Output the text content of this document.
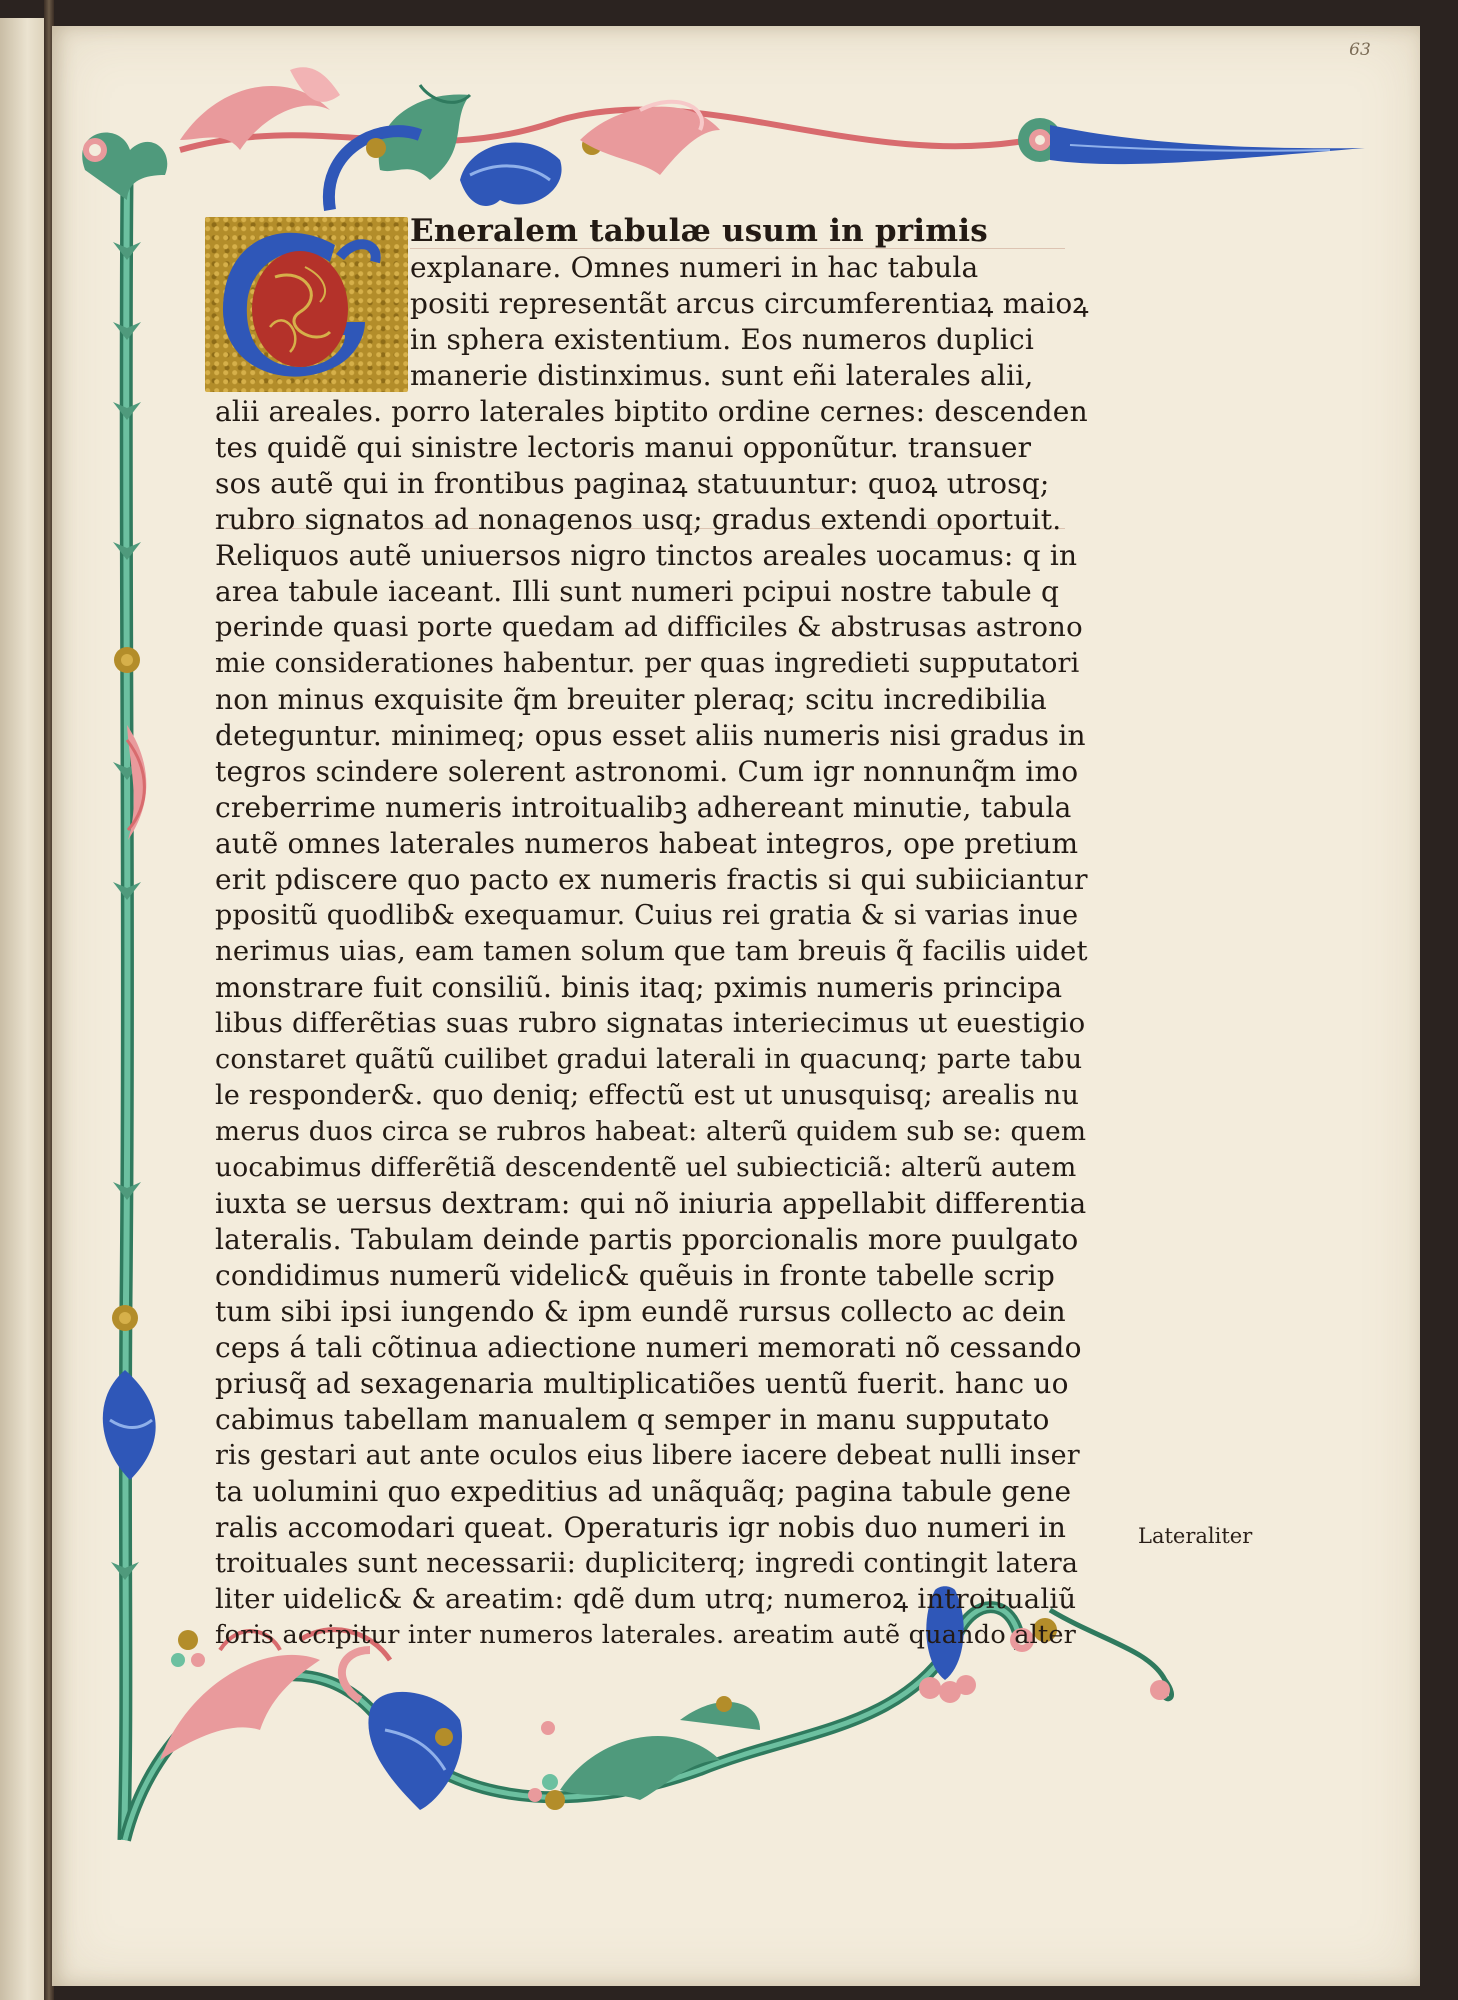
63
Eneralem tabulæ usum in primis
explanare. Omnes numeri in hac tabula
positi representãt arcus circumferentiaꝝ maioꝝ
in sphera existentium. Eos numeros duplici
manerie distinximus. sunt eñi laterales alii,
alii areales. porro laterales biptito ordine cernes: descenden
tes quidẽ qui sinistre lectoris manui opponũtur. transuer
sos autẽ qui in frontibus paginaꝝ statuuntur: quoꝝ utrosq;
rubro signatos ad nonagenos usq; gradus extendi oportuit.
Reliquos autẽ uniuersos nigro tinctos areales uocamus: q in
area tabule iaceant. Illi sunt numeri pcipui nostre tabule q
perinde quasi porte quedam ad difficiles & abstrusas astrono
mie considerationes habentur. per quas ingredieti supputatori
non minus exquisite q̃m breuiter pleraq; scitu incredibilia
deteguntur. minimeq; opus esset aliis numeris nisi gradus in
tegros scindere solerent astronomi. Cum igr nonnunq̃m imo
creberrime numeris introitualibꝫ adhereant minutie, tabula
autẽ omnes laterales numeros habeat integros, ope pretium
erit pdiscere quo pacto ex numeris fractis si qui subiiciantur
ppositũ quodlib& exequamur. Cuius rei gratia & si varias inue
nerimus uias, eam tamen solum que tam breuis q̃ facilis uidet
monstrare fuit consiliũ. binis itaq; pximis numeris principa
libus differẽtias suas rubro signatas interiecimus ut euestigio
constaret quãtũ cuilibet gradui laterali in quacunq; parte tabu
le responder&. quo deniq; effectũ est ut unusquisq; arealis nu
merus duos circa se rubros habeat: alterũ quidem sub se: quem
uocabimus differẽtiã descendentẽ uel subiecticiã: alterũ autem
iuxta se uersus dextram: qui nõ iniuria appellabit differentia
lateralis. Tabulam deinde partis pporcionalis more puulgato
condidimus numerũ videlic& quẽuis in fronte tabelle scrip
tum sibi ipsi iungendo & ipm eundẽ rursus collecto ac dein
ceps á tali cõtinua adiectione numeri memorati nõ cessando
priusq̃ ad sexagenaria multiplicatiões uentũ fuerit. hanc uo
cabimus tabellam manualem q semper in manu supputato
ris gestari aut ante oculos eius libere iacere debeat nulli inser
ta uolumini quo expeditius ad unãquãq; pagina tabule gene
ralis accomodari queat. Operaturis igr nobis duo numeri in
troituales sunt necessarii: dupliciterq; ingredi contingit latera
liter uidelic& & areatim: qdẽ dum utrq; numeroꝝ introitualiũ
foris accipitur inter numeros laterales. areatim autẽ quando alter
Lateraliter
